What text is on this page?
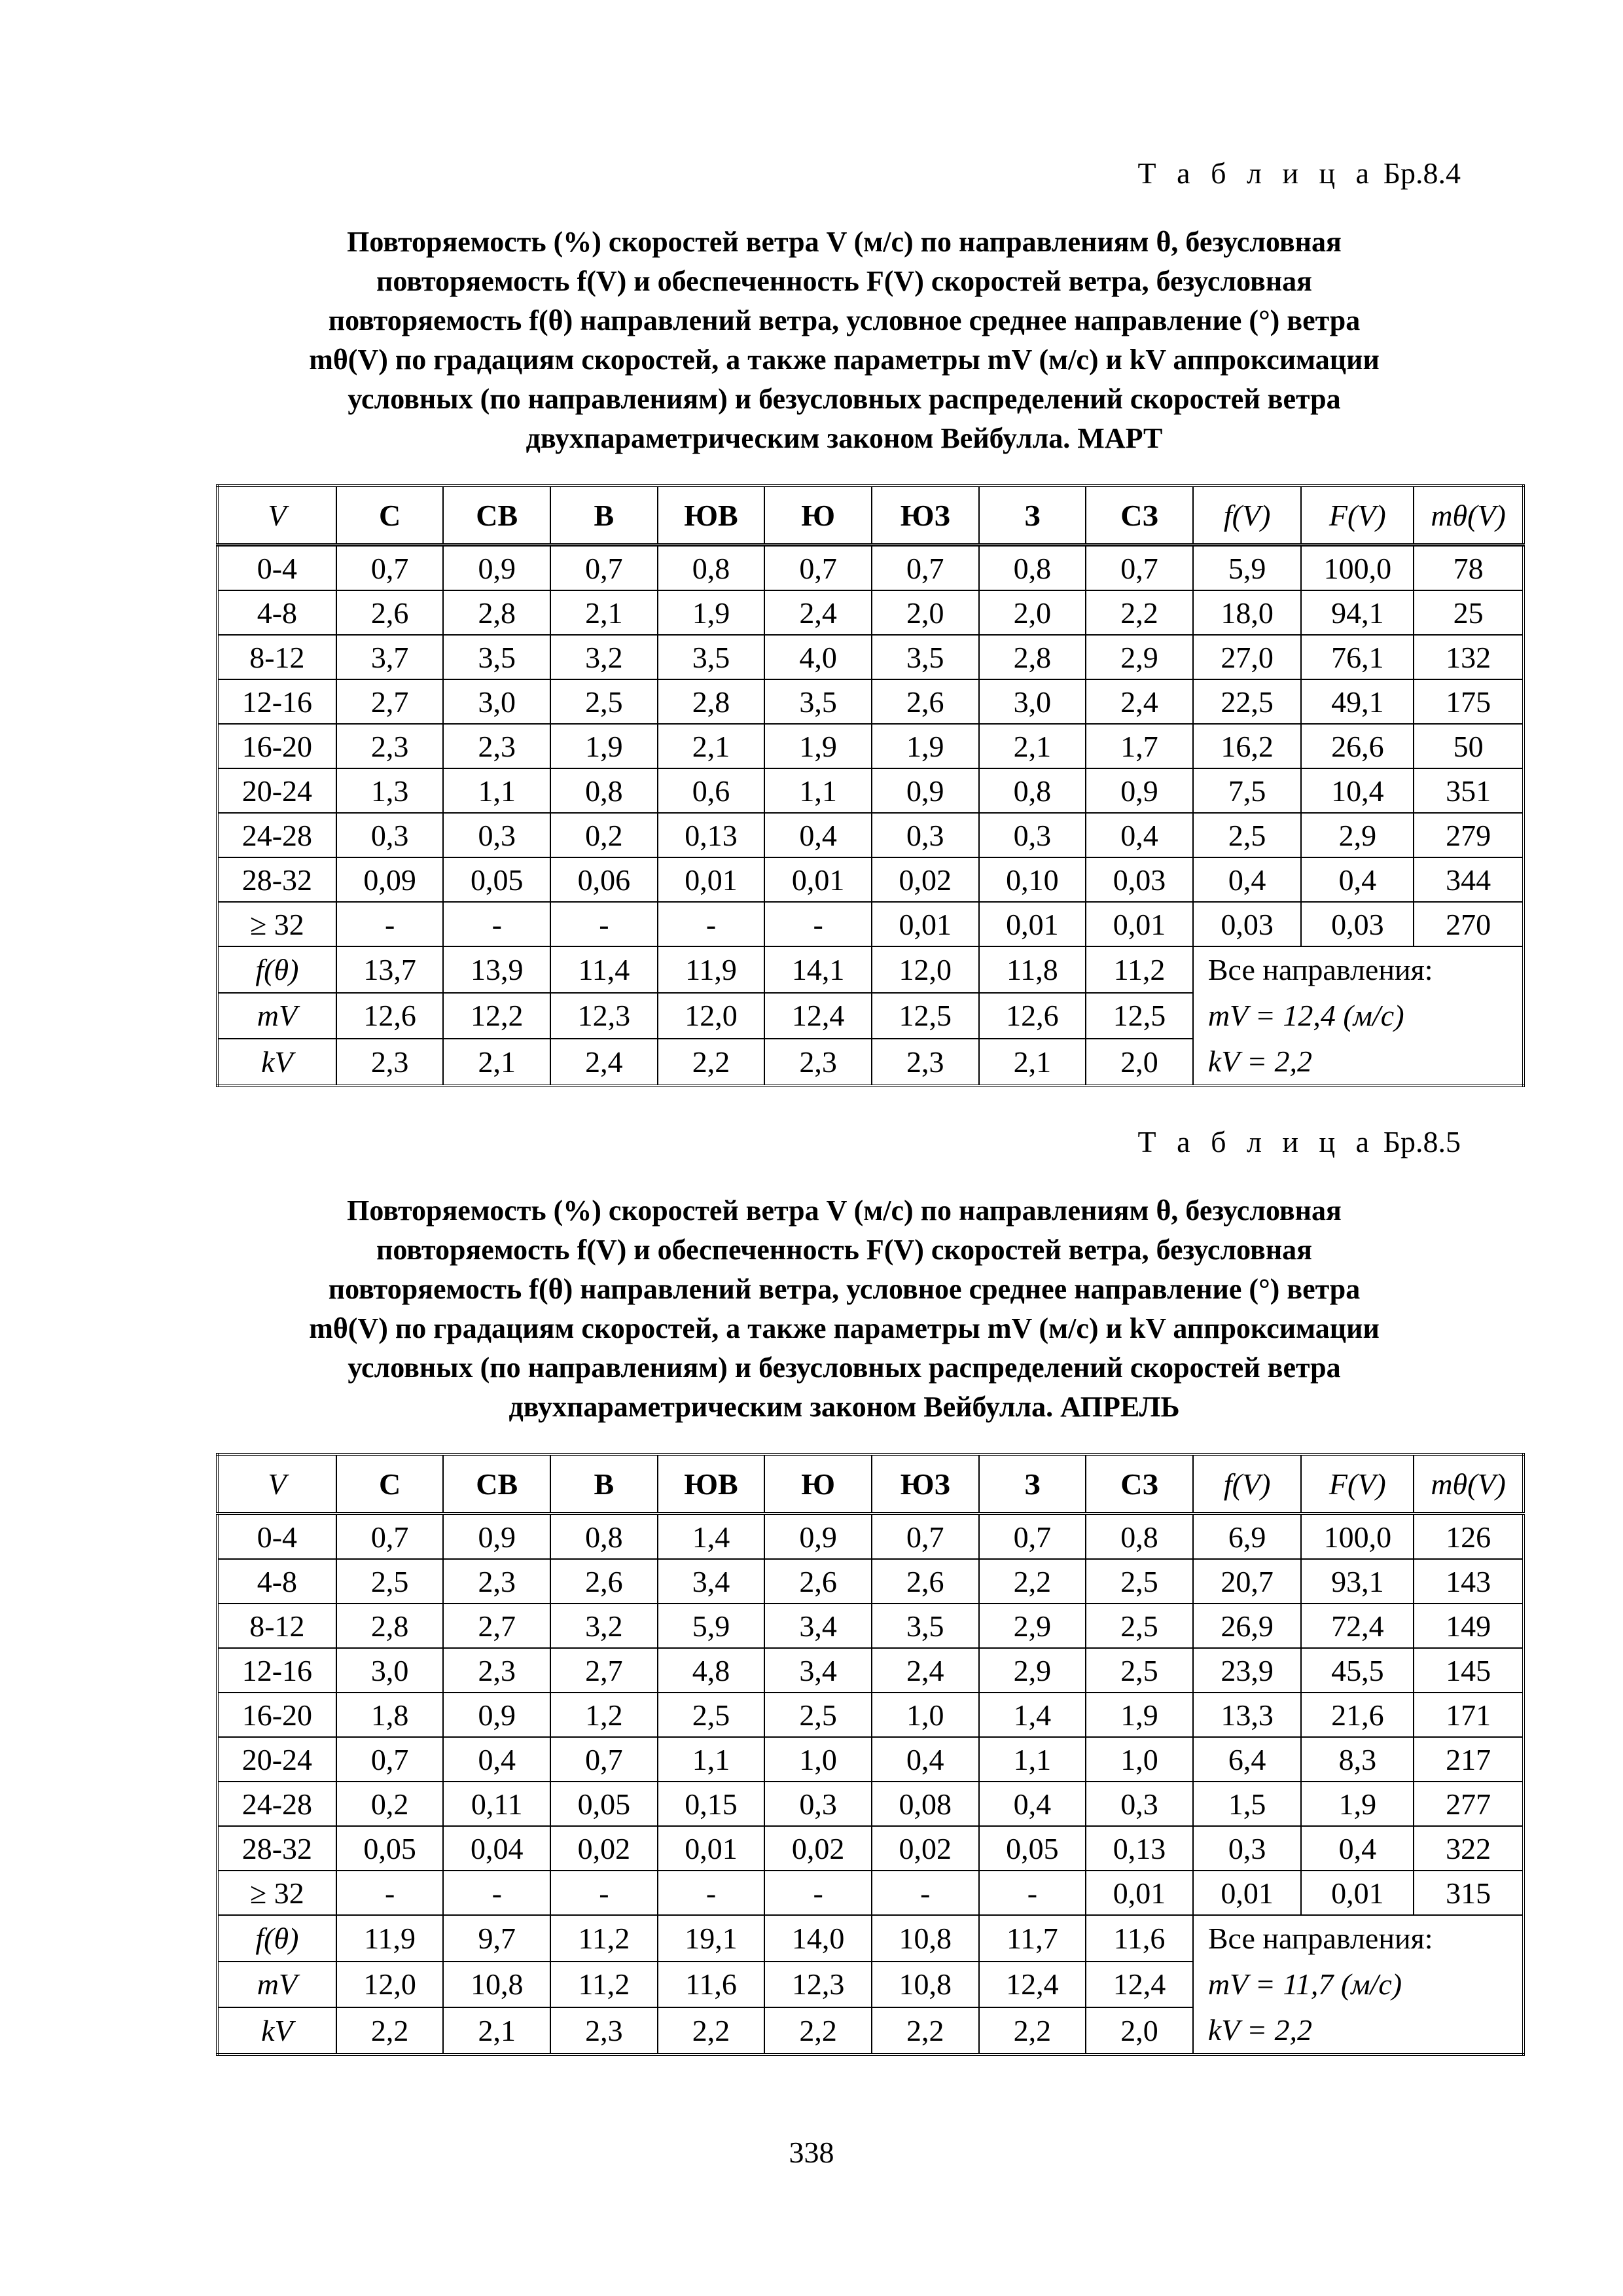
Т а б л и ц а Бр.8.4
Повторяемость (%) скоростей ветра V (м/с) по направлениям θ, безусловная
повторяемость f(V) и обеспеченность F(V) скоростей ветра, безусловная
повторяемость f(θ) направлений ветра, условное среднее направление (°) ветра
mθ(V) по градациям скоростей, а также параметры mV (м/с) и kV аппроксимации
условных (по направлениям) и безусловных распределений скоростей ветра
двухпараметрическим законом Вейбулла. МАРТ
V	С	СВ	В	ЮВ	Ю	ЮЗ	З	СЗ	f(V)	F(V)	mθ(V)
0-4	0,7	0,9	0,7	0,8	0,7	0,7	0,8	0,7	5,9	100,0	78
4-8	2,6	2,8	2,1	1,9	2,4	2,0	2,0	2,2	18,0	94,1	25
8-12	3,7	3,5	3,2	3,5	4,0	3,5	2,8	2,9	27,0	76,1	132
12-16	2,7	3,0	2,5	2,8	3,5	2,6	3,0	2,4	22,5	49,1	175
16-20	2,3	2,3	1,9	2,1	1,9	1,9	2,1	1,7	16,2	26,6	50
20-24	1,3	1,1	0,8	0,6	1,1	0,9	0,8	0,9	7,5	10,4	351
24-28	0,3	0,3	0,2	0,13	0,4	0,3	0,3	0,4	2,5	2,9	279
28-32	0,09	0,05	0,06	0,01	0,01	0,02	0,10	0,03	0,4	0,4	344
≥ 32	-	-	-	-	-	0,01	0,01	0,01	0,03	0,03	270
f(θ)	13,7	13,9	11,4	11,9	14,1	12,0	11,8	11,2	Все направления:
mV = 12,4 (м/с)
kV = 2,2		

mV	12,6	12,2	12,3	12,0	12,4	12,5	12,6	12,5			
kV	2,3	2,1	2,4	2,2	2,3	2,3	2,1	2,0			
Т а б л и ц а Бр.8.5
Повторяемость (%) скоростей ветра V (м/с) по направлениям θ, безусловная
повторяемость f(V) и обеспеченность F(V) скоростей ветра, безусловная
повторяемость f(θ) направлений ветра, условное среднее направление (°) ветра
mθ(V) по градациям скоростей, а также параметры mV (м/с) и kV аппроксимации
условных (по направлениям) и безусловных распределений скоростей ветра
двухпараметрическим законом Вейбулла. АПРЕЛЬ
V	С	СВ	В	ЮВ	Ю	ЮЗ	З	СЗ	f(V)	F(V)	mθ(V)
0-4	0,7	0,9	0,8	1,4	0,9	0,7	0,7	0,8	6,9	100,0	126
4-8	2,5	2,3	2,6	3,4	2,6	2,6	2,2	2,5	20,7	93,1	143
8-12	2,8	2,7	3,2	5,9	3,4	3,5	2,9	2,5	26,9	72,4	149
12-16	3,0	2,3	2,7	4,8	3,4	2,4	2,9	2,5	23,9	45,5	145
16-20	1,8	0,9	1,2	2,5	2,5	1,0	1,4	1,9	13,3	21,6	171
20-24	0,7	0,4	0,7	1,1	1,0	0,4	1,1	1,0	6,4	8,3	217
24-28	0,2	0,11	0,05	0,15	0,3	0,08	0,4	0,3	1,5	1,9	277
28-32	0,05	0,04	0,02	0,01	0,02	0,02	0,05	0,13	0,3	0,4	322
≥ 32	-	-	-	-	-	-	-	0,01	0,01	0,01	315
f(θ)	11,9	9,7	11,2	19,1	14,0	10,8	11,7	11,6	Все направления:
mV = 11,7 (м/с)
kV = 2,2		

mV	12,0	10,8	11,2	11,6	12,3	10,8	12,4	12,4			
kV	2,2	2,1	2,3	2,2	2,2	2,2	2,2	2,0			
338
